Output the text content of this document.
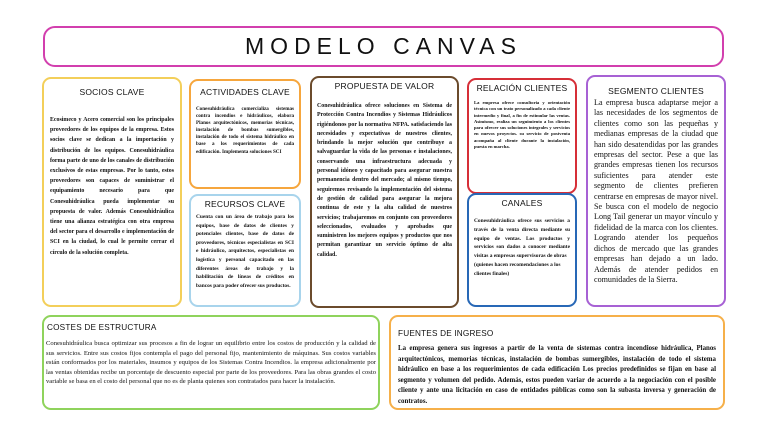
MODELO CANVAS
SOCIOS CLAVE

Ecosimeco y Acero comercial son los principales proveedores de los equipos de la empresa. Estos socios clave se dedican a la importación y distribución de los equipos. Conesuhidráulica forma parte de uno de los canales de distribución exclusivos de estas empresas. Por lo tanto, estos proveedores son capaces de suministrar el equipamiento necesario para que Conesuhidráulica pueda implementar su propuesta de valor. Además Conesuhidráulica tiene una alianza estratégica con otra empresa del sector para el desarrollo e implementación de SCI en la ciudad, lo cual le permite cerrar el círculo de la solución completa.

ACTIVIDADES CLAVE

Conesuhidráulica comercializa sistemas contra incendios e hidráulicos, elabora Planos arquitectónicos, memorias técnicas, instalación de bombas sumergibles, instalación de todo el sistema hidráulico en base a los requerimientos de cada edificación. Implementa soluciones SCI

RECURSOS CLAVE

Cuenta con un área de trabajo para los equipos, base de datos de clientes y potenciales clientes, base de datos de proveedores, técnicos especialistas en SCI e hidráulico, arquitectos, especialistas en logística y personal capacitado en las diferentes áreas de trabajo y la habilitación de líneas de créditos en bancos para poder ofrecer sus productos.

PROPUESTA DE VALOR

Conesuhidráulica ofrece soluciones en Sistema de Protección Contra Incendios y Sistemas Hidráulicos rigiéndonos por la normativa NFPA. satisfaciendo las necesidades y expectativas de nuestros clientes, brindando la mejor solución que contribuye a salvaguardar la vida de las personas e instalaciones, conservando una infraestructura adecuada y personal idóneo y capacitado para asegurar nuestra permanencia dentro del mercado; al mismo tiempo, seguiremos revisando la implementación del sistema de gestión de calidad para asegurar la mejora continua de este y la alta calidad de nuestros servicios; trabajaremos en conjunto con proveedores seleccionados, evaluados y aprobados que suministren los mejores equipos y productos que nos permitan garantizar un servicio óptimo de alta calidad.

RELACIÓN CLIENTES

La empresa ofrece consultoría y orientación técnica con un trato personalizado a cada cliente intermedio y final, a fin de estimular las ventas. Asimismo, realiza un seguimiento a los clientes para ofrecer sus soluciones integrales y servicios en nuevos proyectos. su servicio de postventa acompaña al cliente durante la instalación, puesta en marcha.

CANALES

Conesuhidráulica ofrece sus servicios a través de la venta directa mediante su equipo de ventas. Los productos y servicios son dados a conocer mediante visitas a empresas supervisoras de obras

(quienes hacen recomendaciones a los clientes finales)

SEGMENTO CLIENTES

La empresa busca adaptarse mejor a las necesidades de los segmentos de clientes como son las pequeñas y medianas empresas de la ciudad que han sido desatendidas por las grandes empresas del sector. Pese a que las grandes empresas tienen los recursos suficientes para atender este segmento de clientes prefieren centrarse en empresas de mayor nivel. Se busca con el modelo de negocio Long Tail generar un mayor vínculo y fidelidad de la marca con los clientes. Logrando atender los pequeños dichos de mercado que las grandes empresas han dejado a un lado. Además de atender pedidos en comunidades de la Sierra.

COSTES DE ESTRUCTURA

Conesuhidráulica busca optimizar sus procesos a fin de lograr un equilibrio entre los costos de producción y la calidad de sus servicios. Entre sus costos fijos contempla el pago del personal fijo, mantenimiento de máquinas. Sus costos variables están conformados por los materiales, insumos y equipos de los Sistemas Contra Incendios. la empresa adicionalmente por las ventas obtenidas recibe un porcentaje de descuento especial por parte de los proveedores. Para las obras grandes el costo variable se basa en el costo del personal que no es de planta quienes son contratados para hacer la instalación.

FUENTES DE INGRESO

La empresa genera sus ingresos a partir de la venta de sistemas contra incendiose hidráulica, Planos arquitectónicos, memorias técnicas, instalación de bombas sumergibles, instalación de todo el sistema hidráulico en base a los requerimientos de cada edificación Los precios predefinidos se fijan en base al segmento y volumen del pedido. Además, estos pueden variar de acuerdo a la negociación con el posible cliente y ante una licitación en caso de entidades públicas como son la subasta inversa y generación de contratos.
